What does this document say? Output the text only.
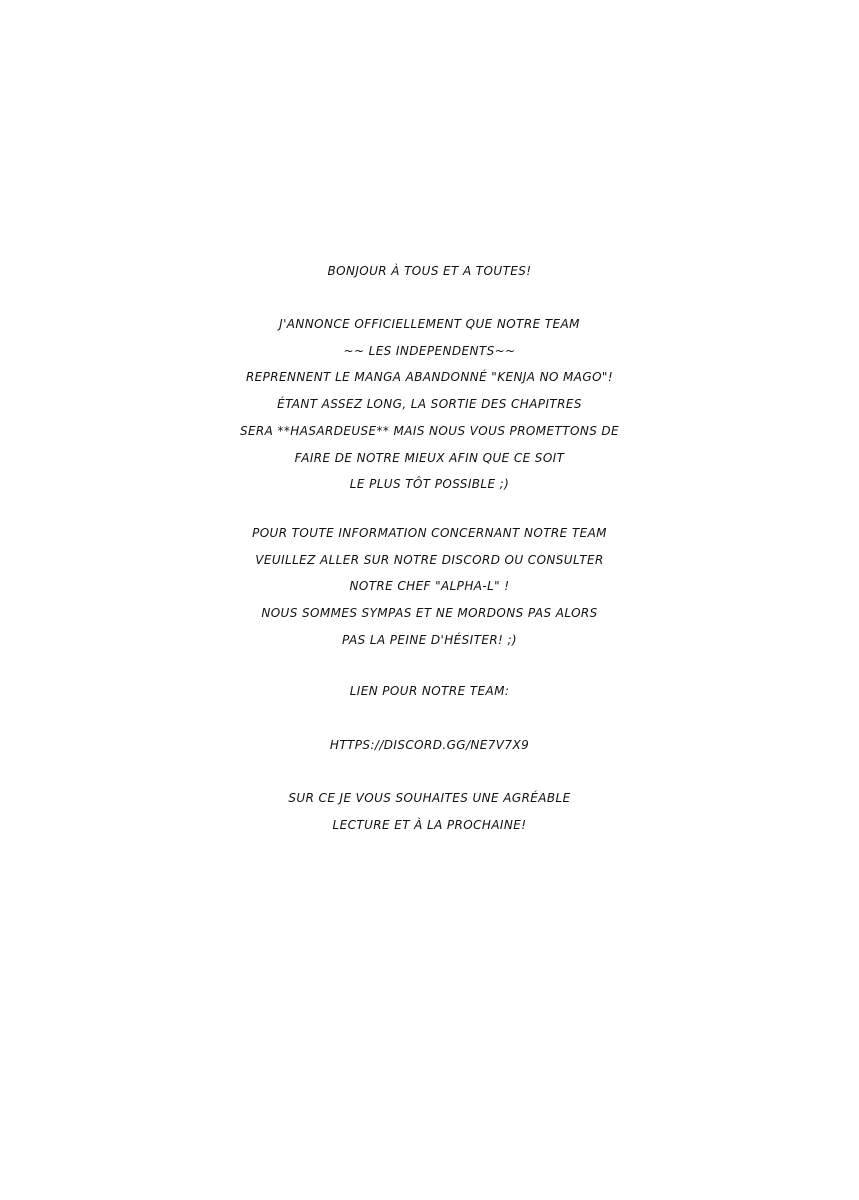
BONJOUR À TOUS ET A TOUTES!
J'ANNONCE OFFICIELLEMENT QUE NOTRE TEAM
~~ LES INDEPENDENTS~~
REPRENNENT LE MANGA ABANDONNÉ "KENJA NO MAGO"!
ÉTANT ASSEZ LONG, LA SORTIE DES CHAPITRES
SERA **HASARDEUSE** MAIS NOUS VOUS PROMETTONS DE
FAIRE DE NOTRE MIEUX AFIN QUE CE SOIT
LE PLUS TÔT POSSIBLE ;)
POUR TOUTE INFORMATION CONCERNANT NOTRE TEAM
VEUILLEZ ALLER SUR NOTRE DISCORD OU CONSULTER
NOTRE CHEF "ALPHA-L" !
NOUS SOMMES SYMPAS ET NE MORDONS PAS ALORS
PAS LA PEINE D'HÉSITER! ;)
LIEN POUR NOTRE TEAM:
HTTPS://DISCORD.GG/NE7V7X9
SUR CE JE VOUS SOUHAITES UNE AGRÉABLE
LECTURE ET À LA PROCHAINE!
